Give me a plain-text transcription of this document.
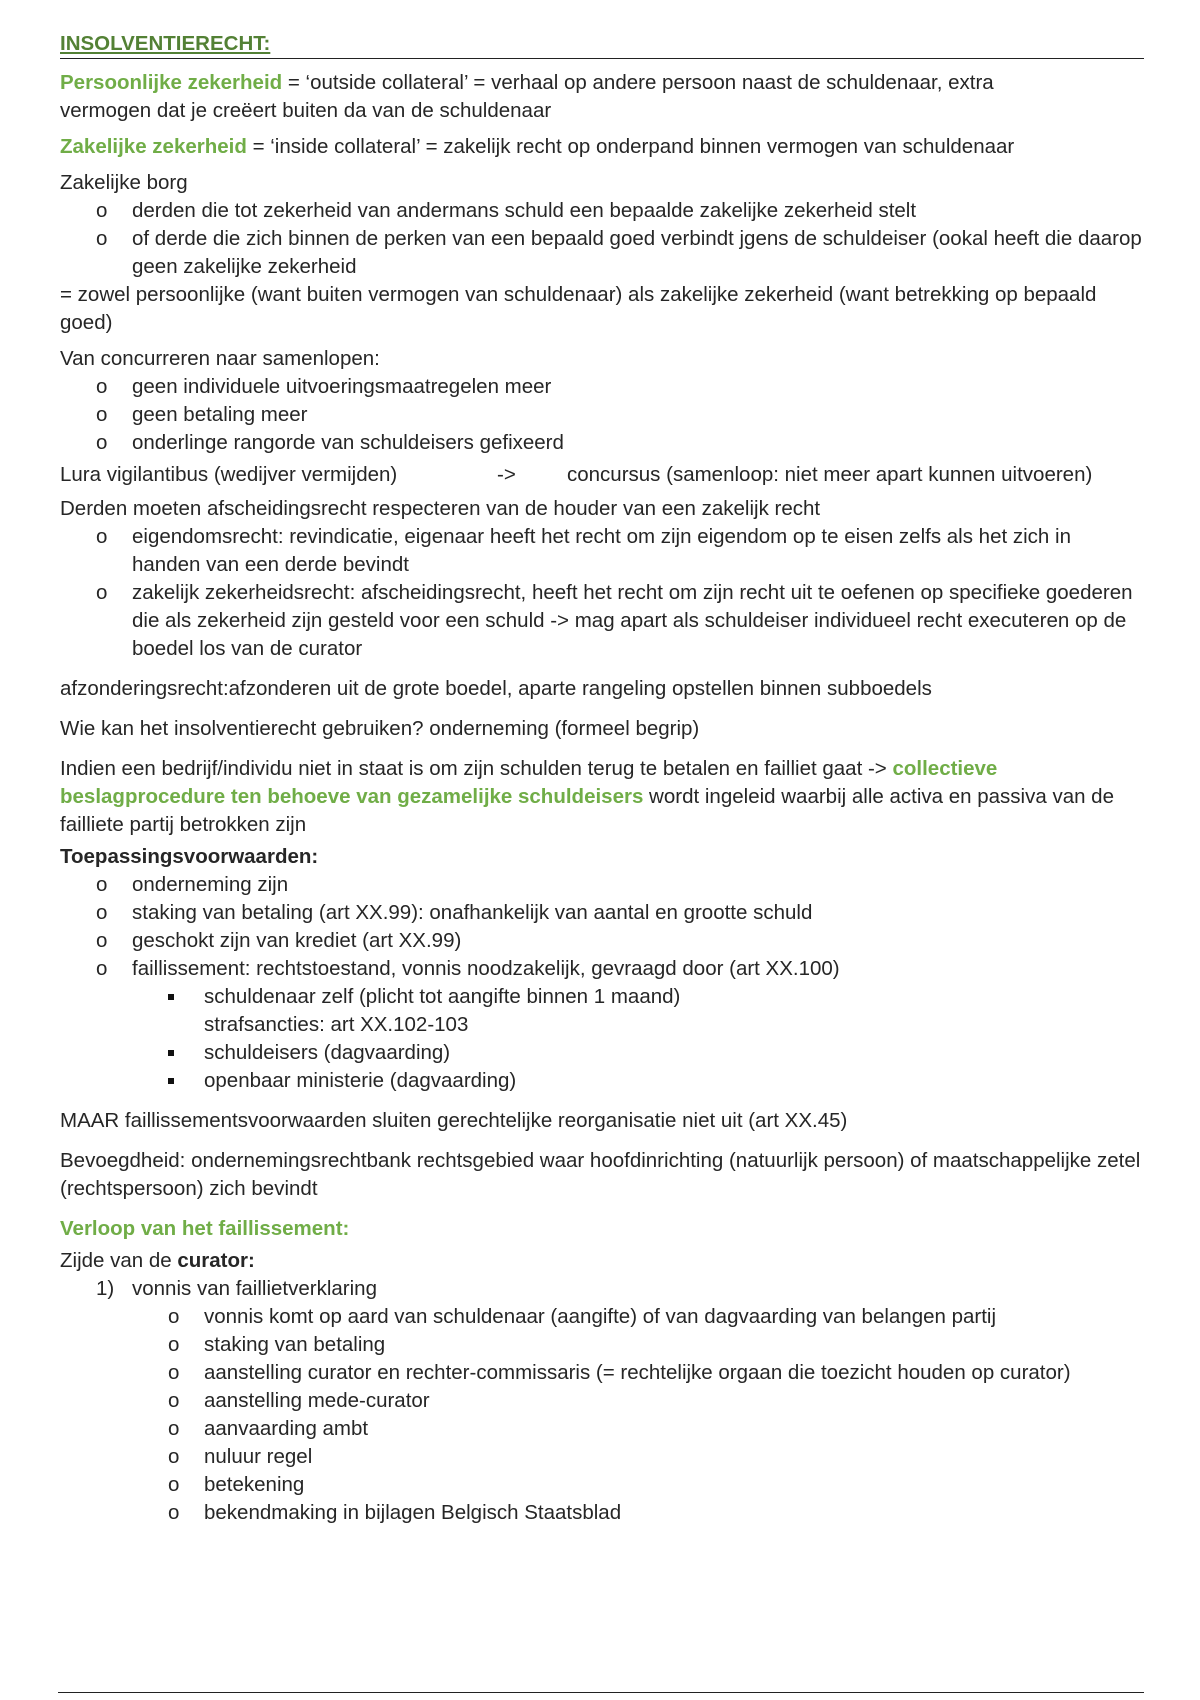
INSOLVENTIERECHT:

Persoonlijke zekerheid = ‘outside collateral’ = verhaal op andere persoon naast de schuldenaar, extra
vermogen dat je creëert buiten da van de schuldenaar

Zakelijke zekerheid = ‘inside collateral’ = zakelijk recht op onderpand binnen vermogen van schuldenaar

Zakelijke borg

o derden die tot zekerheid van andermans schuld een bepaalde zakelijke zekerheid stelt
o of derde die zich binnen de perken van een bepaald goed verbindt jgens de schuldeiser (ookal heeft die daarop geen zakelijke zekerheid

= zowel persoonlijke (want buiten vermogen van schuldenaar) als zakelijke zekerheid (want betrekking op bepaald goed)

Van concurreren naar samenlopen:

o geen individuele uitvoeringsmaatregelen meer
o geen betaling meer
o onderlinge rangorde van schuldeisers gefixeerd
Lura vigilantibus (wedijver vermijden)	->	concursus (samenloop: niet meer apart kunnen uitvoeren)

Derden moeten afscheidingsrecht respecteren van de houder van een zakelijk recht

o eigendomsrecht: revindicatie, eigenaar heeft het recht om zijn eigendom op te eisen zelfs als het zich in handen van een derde bevindt
o zakelijk zekerheidsrecht: afscheidingsrecht, heeft het recht om zijn recht uit te oefenen op specifieke goederen die als zekerheid zijn gesteld voor een schuld -> mag apart als schuldeiser individueel recht executeren op de boedel los van de curator

afzonderingsrecht:afzonderen uit de grote boedel, aparte rangeling opstellen binnen subboedels

Wie kan het insolventierecht gebruiken? onderneming (formeel begrip)

Indien een bedrijf/individu niet in staat is om zijn schulden terug te betalen en failliet gaat -> collectieve beslagprocedure ten behoeve van gezamelijke schuldeisers wordt ingeleid waarbij alle activa en passiva van de failliete partij betrokken zijn

Toepassingsvoorwaarden:

o onderneming zijn
o staking van betaling (art XX.99): onafhankelijk van aantal en grootte schuld
o geschokt zijn van krediet (art XX.99)
o faillissement: rechtstoestand, vonnis noodzakelijk, gevraagd door (art XX.100)
schuldenaar zelf (plicht tot aangifte binnen 1 maand)
strafsancties: art XX.102-103
schuldeisers (dagvaarding)
openbaar ministerie (dagvaarding)

MAAR faillissementsvoorwaarden sluiten gerechtelijke reorganisatie niet uit (art XX.45)

Bevoegdheid: ondernemingsrechtbank rechtsgebied waar hoofdinrichting (natuurlijk persoon) of maatschappelijke zetel (rechtspersoon) zich bevindt

Verloop van het faillissement:

Zijde van de curator:

1) vonnis van faillietverklaring
o vonnis komt op aard van schuldenaar (aangifte) of van dagvaarding van belangen partij
o staking van betaling
o aanstelling curator en rechter-commissaris (= rechtelijke orgaan die toezicht houden op curator)
o aanstelling mede-curator
o aanvaarding ambt
o nuluur regel
o betekening
o bekendmaking in bijlagen Belgisch Staatsblad
